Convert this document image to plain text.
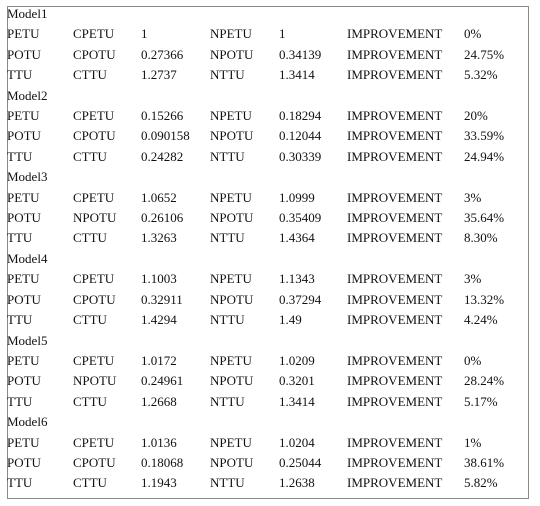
Model1						
PETU	CPETU	1	NPETU	1	IMPROVEMENT	0%
POTU	CPOTU	0.27366	NPOTU	0.34139	IMPROVEMENT	24.75%
TTU	CTTU	1.2737	NTTU	1.3414	IMPROVEMENT	5.32%
Model2						
PETU	CPETU	0.15266	NPETU	0.18294	IMPROVEMENT	20%
POTU	CPOTU	0.090158	NPOTU	0.12044	IMPROVEMENT	33.59%
TTU	CTTU	0.24282	NTTU	0.30339	IMPROVEMENT	24.94%
Model3						
PETU	CPETU	1.0652	NPETU	1.0999	IMPROVEMENT	3%
POTU	NPOTU	0.26106	NPOTU	0.35409	IMPROVEMENT	35.64%
TTU	CTTU	1.3263	NTTU	1.4364	IMPROVEMENT	8.30%
Model4						
PETU	CPETU	1.1003	NPETU	1.1343	IMPROVEMENT	3%
POTU	CPOTU	0.32911	NPOTU	0.37294	IMPROVEMENT	13.32%
TTU	CTTU	1.4294	NTTU	1.49	IMPROVEMENT	4.24%
Model5						
PETU	CPETU	1.0172	NPETU	1.0209	IMPROVEMENT	0%
POTU	NPOTU	0.24961	NPOTU	0.3201	IMPROVEMENT	28.24%
TTU	CTTU	1.2668	NTTU	1.3414	IMPROVEMENT	5.17%
Model6						
PETU	CPETU	1.0136	NPETU	1.0204	IMPROVEMENT	1%
POTU	CPOTU	0.18068	NPOTU	0.25044	IMPROVEMENT	38.61%
TTU	CTTU	1.1943	NTTU	1.2638	IMPROVEMENT	5.82%
